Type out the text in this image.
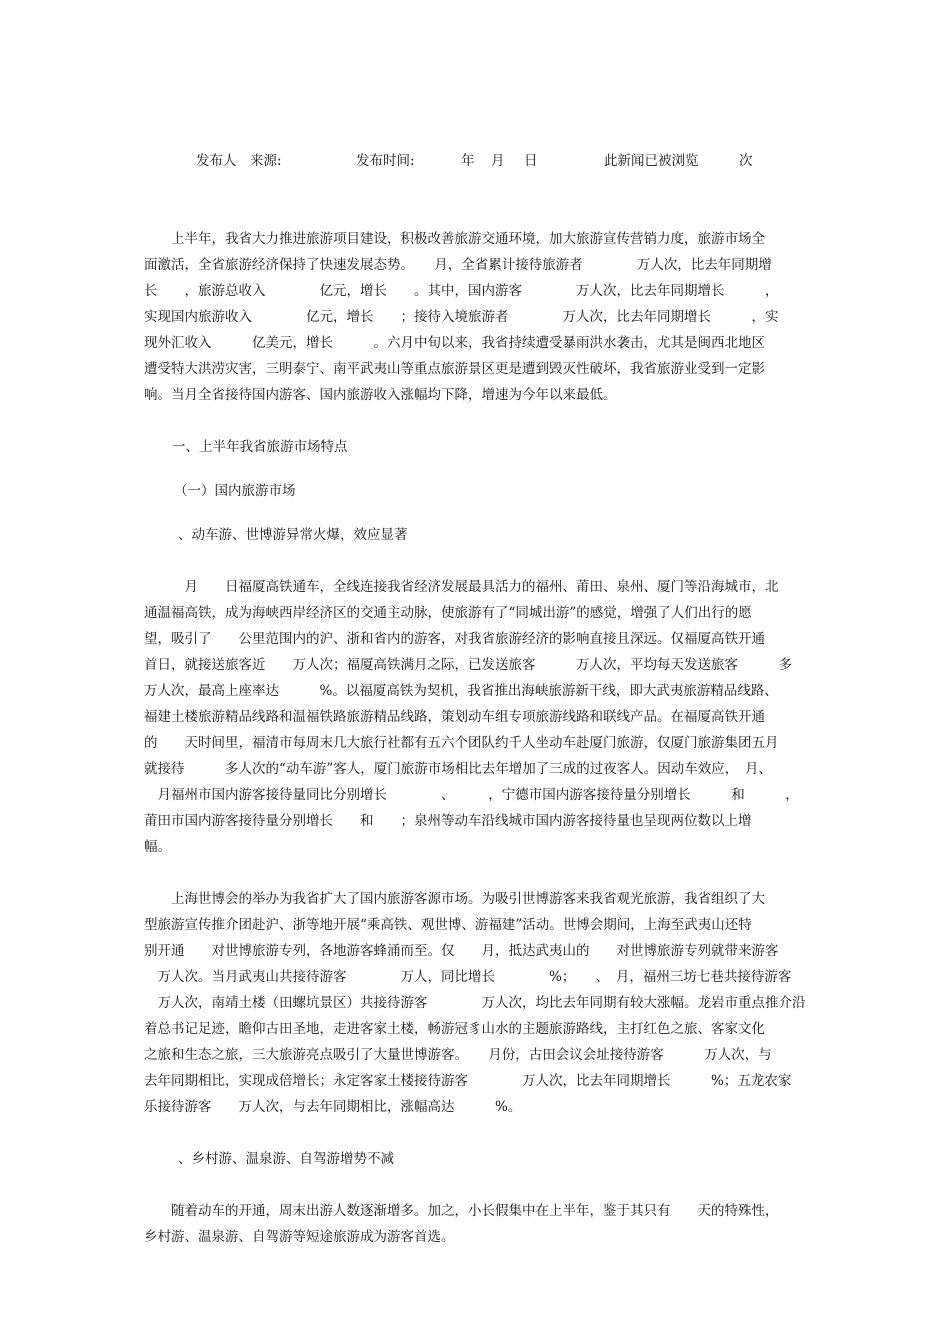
发布人 来源:	发布时间:	年 月 日	此新闻已被浏览	次

　　上半年，我省大力推进旅游项目建设，积极改善旅游交通环境，加大旅游宣传营销力度，旅游市场全

面激活，全省旅游经济保持了快速发展态势。　　月，全省累计接待旅游者　　　　万人次，比去年同期增

长　　，旅游总收入　　　　亿元，增长　　。其中，国内游客　　　　万人次，比去年同期增长　　　，

实现国内旅游收入　　　　亿元，增长　　；接待入境旅游者　　　　万人次，比去年同期增长　　　，实

现外汇收入　　　亿美元，增长　　　。六月中旬以来，我省持续遭受暴雨洪水袭击，尤其是闽西北地区

遭受特大洪涝灾害，三明泰宁、南平武夷山等重点旅游景区更是遭到毁灭性破坏，我省旅游业受到一定影

响。当月全省接待国内游客、国内旅游收入涨幅均下降，增速为今年以来最低。

一、上半年我省旅游市场特点

（一）国内旅游市场

、动车游、世博游异常火爆，效应显著

　　　月　　日福厦高铁通车，全线连接我省经济发展最具活力的福州、莆田、泉州、厦门等沿海城市，北

通温福高铁，成为海峡西岸经济区的交通主动脉，使旅游有了“同城出游”的感觉，增强了人们出行的愿

望，吸引了　　公里范围内的沪、浙和省内的游客，对我省旅游经济的影响直接且深远。仅福厦高铁开通

首日，就接送旅客近　　万人次；福厦高铁满月之际，已发送旅客　　　万人次，平均每天发送旅客　　　多

万人次，最高上座率达　　　%。以福厦高铁为契机，我省推出海峡旅游新干线，即大武夷旅游精品线路、

福建土楼旅游精品线路和温福铁路旅游精品线路，策划动车组专项旅游线路和联线产品。在福厦高铁开通

的　　天时间里，福清市每周末几大旅行社都有五六个团队约千人坐动车赴厦门旅游，仅厦门旅游集团五月

就接待　　　多人次的“动车游”客人，厦门旅游市场相比去年增加了三成的过夜客人。因动车效应，　月、

　月福州市国内游客接待量同比分别增长　　　　、　　　，宁德市国内游客接待量分别增长　　　和　　　，

莆田市国内游客接待量分别增长　　和　　；泉州等动车沿线城市国内游客接待量也呈现两位数以上增

幅。

　　上海世博会的举办为我省扩大了国内旅游客源市场。为吸引世博游客来我省观光旅游，我省组织了大

型旅游宣传推介团赴沪、浙等地开展“乘高铁、观世博、游福建”活动。世博会期间，上海至武夷山还特

别开通　　对世博旅游专列，各地游客蜂涌而至。仅　　月，抵达武夷山的　　对世博旅游专列就带来游客

　万人次。当月武夷山共接待游客　　　　万人，同比增长　　　　%；　　、　月，福州三坊七巷共接待游客

　万人次，南靖土楼（田螺坑景区）共接待游客　　　　万人次，均比去年同期有较大涨幅。龙岩市重点推介沿

着总书记足迹，瞻仰古田圣地，走进客家土楼，畅游冠豸山水的主题旅游路线，主打红色之旅、客家文化

之旅和生态之旅，三大旅游亮点吸引了大量世博游客。　　月份，古田会议会址接待游客　　　万人次，与

去年同期相比，实现成倍增长；永定客家土楼接待游客　　　　万人次，比去年同期增长　　　%；五龙农家

乐接待游客　　万人次，与去年同期相比，涨幅高达　　　%。

、乡村游、温泉游、自驾游增势不减

　　随着动车的开通，周末出游人数逐渐增多。加之，小长假集中在上半年，鉴于其只有　　天的特殊性，

乡村游、温泉游、自驾游等短途旅游成为游客首选。
